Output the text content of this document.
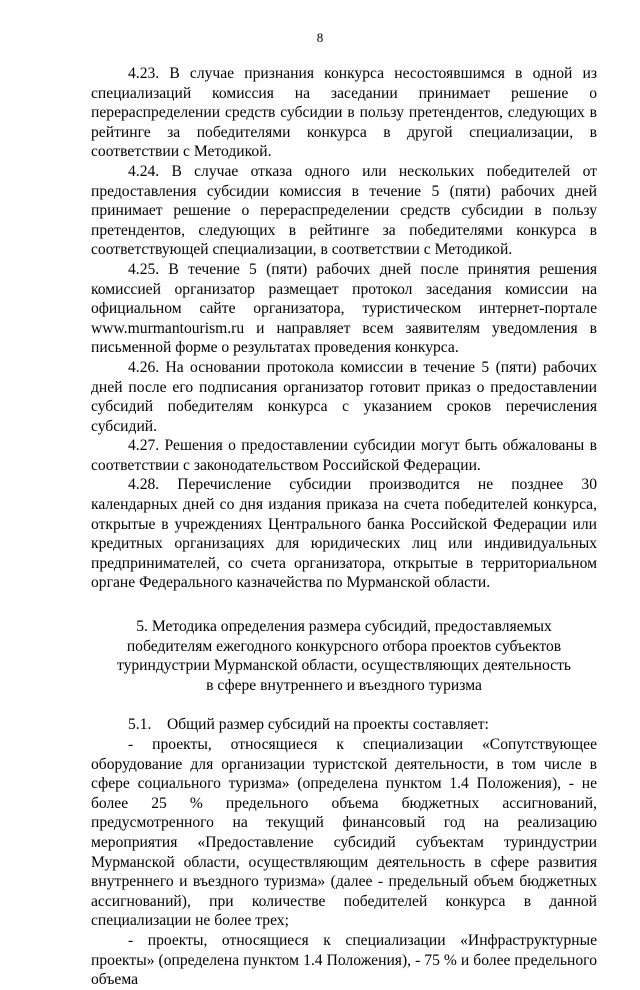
8

4.23. В случае признания конкурса несостоявшимся в одной из специализаций комиссия на заседании принимает решение о перераспределении средств субсидии в пользу претендентов, следующих в рейтинге за победителями конкурса в другой специализации, в соответствии с Методикой.

4.24. В случае отказа одного или нескольких победителей от предоставления субсидии комиссия в течение 5 (пяти) рабочих дней принимает решение о перераспределении средств субсидии в пользу претендентов, следующих в рейтинге за победителями конкурса в соответствующей специализации, в соответствии с Методикой.

4.25. В течение 5 (пяти) рабочих дней после принятия решения комиссией организатор размещает протокол заседания комиссии на официальном сайте организатора, туристическом интернет-портале www.murmantourism.ru и направляет всем заявителям уведомления в письменной форме о результатах проведения конкурса.

4.26. На основании протокола комиссии в течение 5 (пяти) рабочих дней после его подписания организатор готовит приказ о предоставлении субсидий победителям конкурса с указанием сроков перечисления субсидий.

4.27. Решения о предоставлении субсидии могут быть обжалованы в соответствии с законодательством Российской Федерации.

4.28. Перечисление субсидии производится не позднее 30 календарных дней со дня издания приказа на счета победителей конкурса, открытые в учреждениях Центрального банка Российской Федерации или кредитных организациях для юридических лиц или индивидуальных предпринимателей, со счета организатора, открытые в территориальном органе Федерального казначейства по Мурманской области.

5. Методика определения размера субсидий, предоставляемых
победителям ежегодного конкурсного отбора проектов субъектов
туриндустрии Мурманской области, осуществляющих деятельность
в сфере внутреннего и въездного туризма

5.1.    Общий размер субсидий на проекты составляет:

- проекты, относящиеся к специализации «Сопутствующее оборудование для организации туристской деятельности, в том числе в сфере социального туризма» (определена пунктом 1.4 Положения), - не более 25 % предельного объема бюджетных ассигнований, предусмотренного на текущий финансовый год на реализацию мероприятия «Предоставление субсидий субъектам туриндустрии Мурманской области, осуществляющим деятельность в сфере развития внутреннего и въездного туризма» (далее - предельный объем бюджетных ассигнований), при количестве победителей конкурса в данной специализации не более трех;

- проекты, относящиеся к специализации «Инфраструктурные проекты» (определена пунктом 1.4 Положения), - 75 % и более предельного объема
